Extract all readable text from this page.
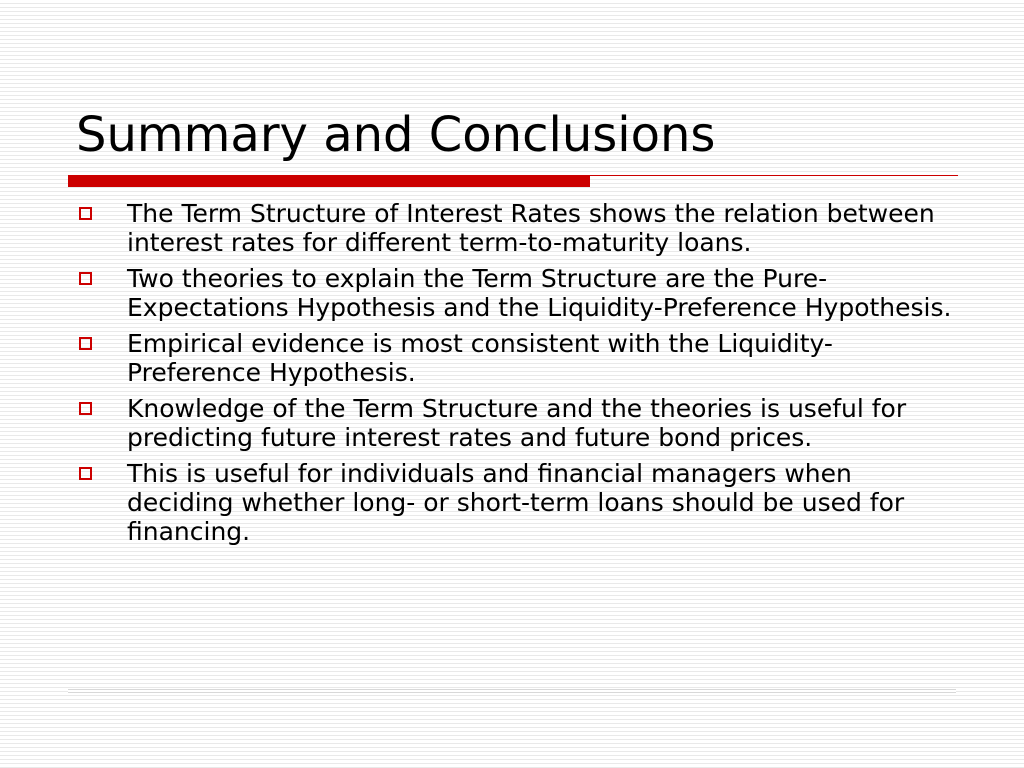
Summary and Conclusions
The Term Structure of Interest Rates shows the relation between interest rates for different term-to-maturity loans.
Two theories to explain the Term Structure are the Pure-Expectations Hypothesis and the Liquidity-Preference Hypothesis.
Empirical evidence is most consistent with the Liquidity-Preference Hypothesis.
Knowledge of the Term Structure and the theories is useful for predicting future interest rates and future bond prices.
This is useful for individuals and financial managers when deciding whether long- or short-term loans should be used for financing.
